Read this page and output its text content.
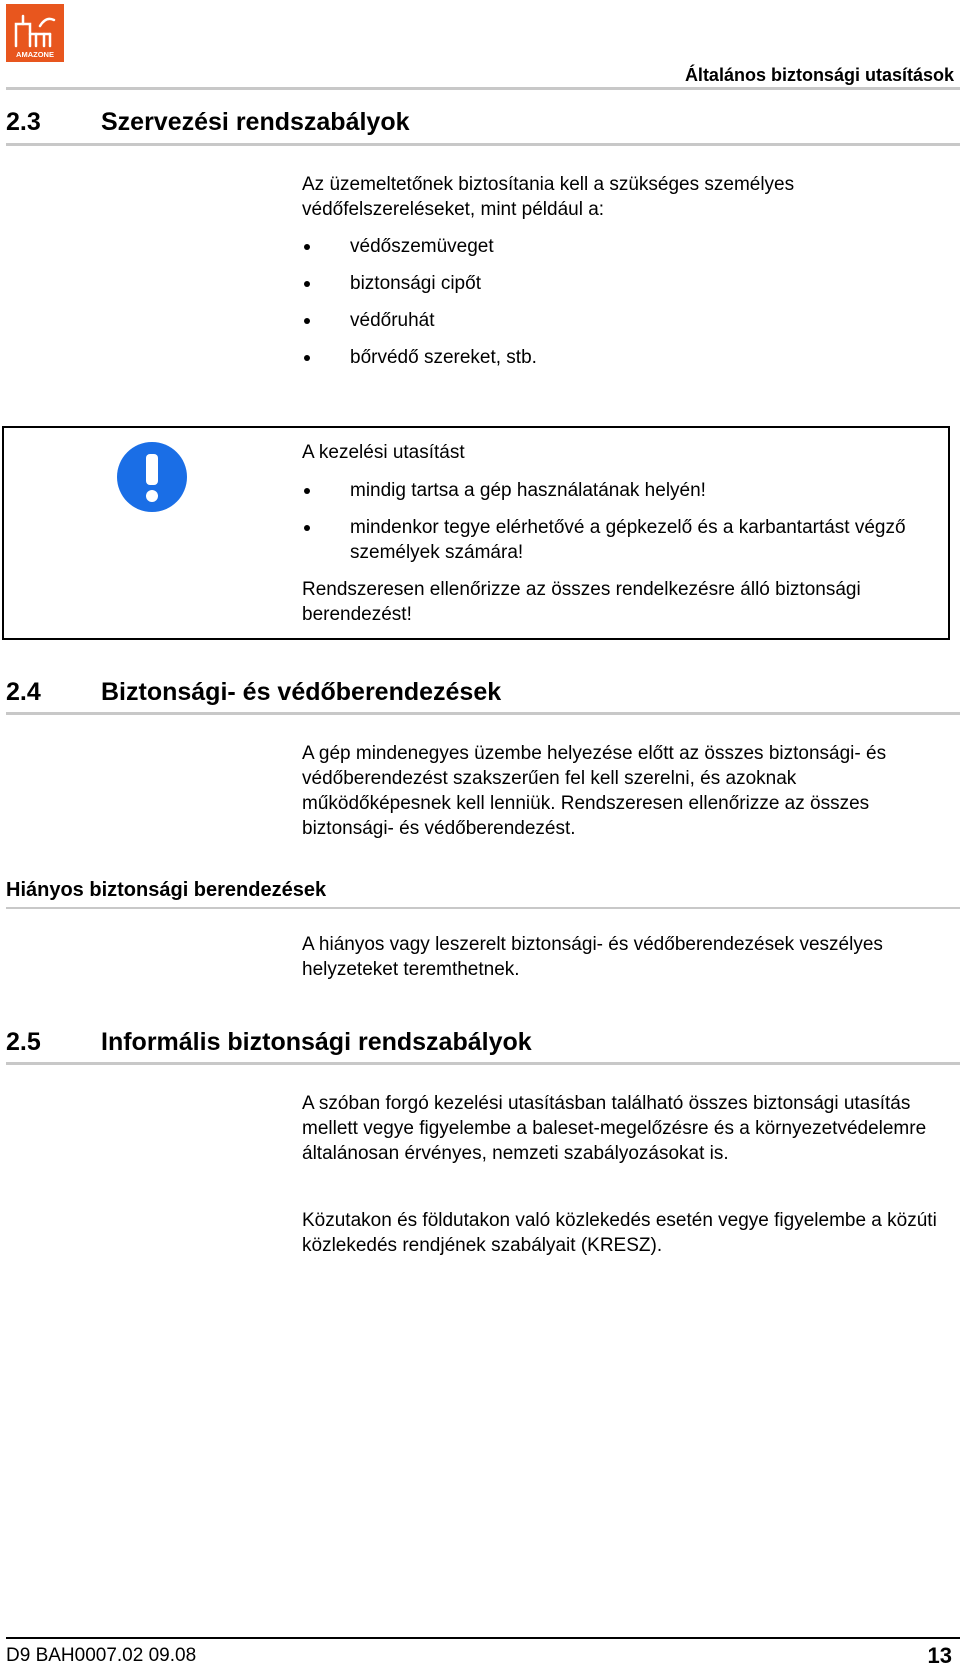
AMAZONE
Általános biztonsági utasítások
2.3 Szervezési rendszabályok

Az üzemeltetőnek biztosítania kell a szükséges személyes védőfelszereléseket, mint például a:

védőszemüveget
biztonsági cipőt
védőruhát
bőrvédő szereket, stb.

A kezelési utasítást

mindig tartsa a gép használatának helyén!
mindenkor tegye elérhetővé a gépkezelő és a karbantartást végző személyek számára!

Rendszeresen ellenőrizze az összes rendelkezésre álló biztonsági berendezést!

2.4 Biztonsági- és védőberendezések

A gép mindenegyes üzembe helyezése előtt az összes biztonsági- és védőberendezést szakszerűen fel kell szerelni, és azoknak működőképesnek kell lenniük. Rendszeresen ellenőrizze az összes biztonsági- és védőberendezést.

Hiányos biztonsági berendezések

A hiányos vagy leszerelt biztonsági- és védőberendezések veszélyes helyzeteket teremthetnek.

2.5 Informális biztonsági rendszabályok

A szóban forgó kezelési utasításban található összes biztonsági utasítás mellett vegye figyelembe a baleset-megelőzésre és a környezetvédelemre általánosan érvényes, nemzeti szabályozásokat is.

Közutakon és földutakon való közlekedés esetén vegye figyelembe a közúti közlekedés rendjének szabályait (KRESZ).

D9 BAH0007.02 09.08	13
